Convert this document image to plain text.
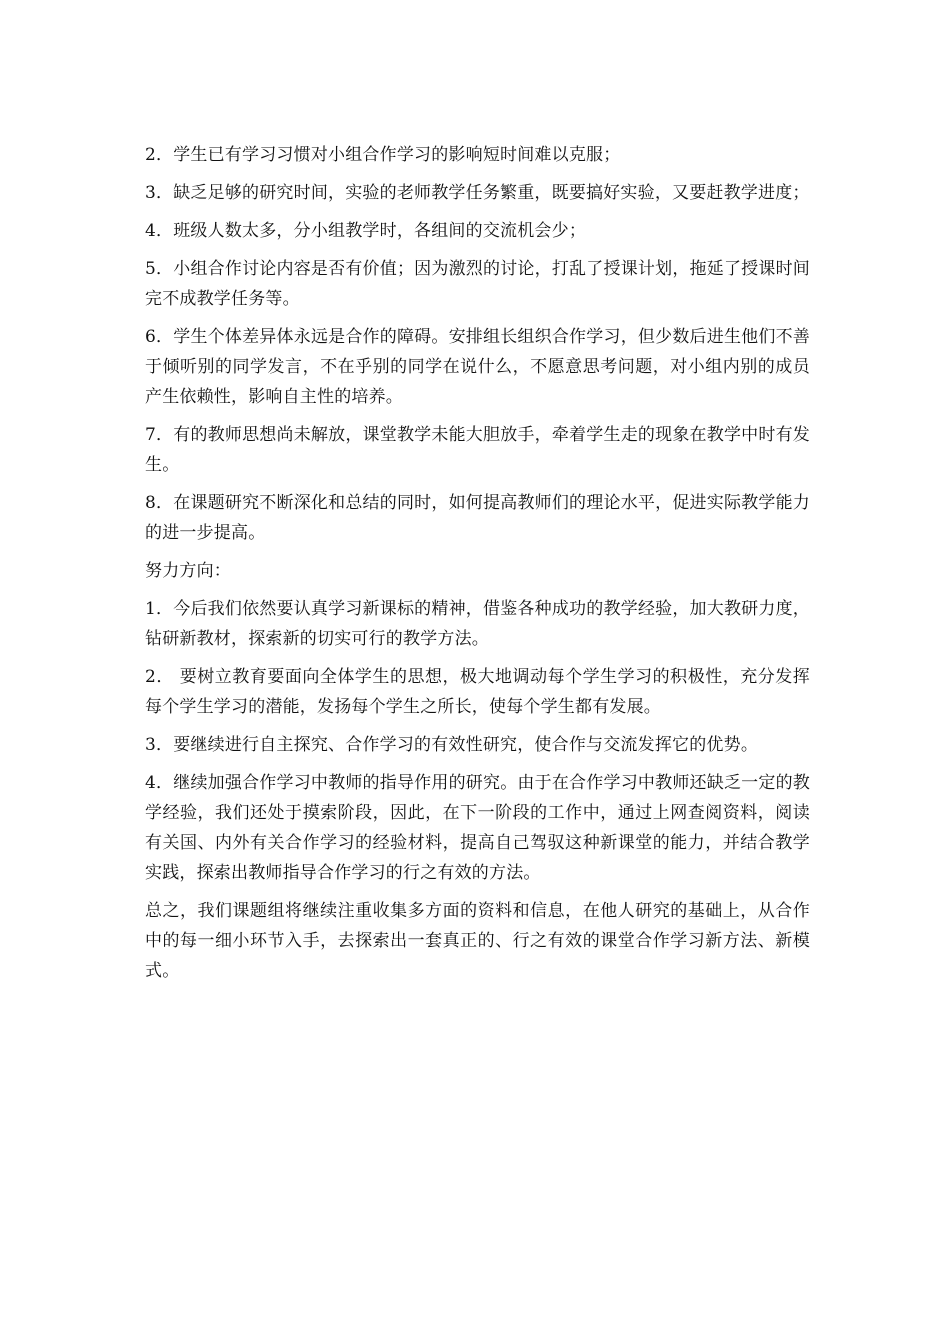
2．学生已有学习习惯对小组合作学习的影响短时间难以克服；

3．缺乏足够的研究时间，实验的老师教学任务繁重，既要搞好实验，又要赶教学进度；

4．班级人数太多，分小组教学时，各组间的交流机会少；

5．小组合作讨论内容是否有价值；因为激烈的讨论，打乱了授课计划，拖延了授课时间完不成教学任务等。

6．学生个体差异体永远是合作的障碍。安排组长组织合作学习，但少数后进生他们不善于倾听别的同学发言，不在乎别的同学在说什么，不愿意思考问题，对小组内别的成员产生依赖性，影响自主性的培养。

7．有的教师思想尚未解放，课堂教学未能大胆放手，牵着学生走的现象在教学中时有发生。

8．在课题研究不断深化和总结的同时，如何提高教师们的理论水平，促进实际教学能力的进一步提高。

努力方向：

1．今后我们依然要认真学习新课标的精神，借鉴各种成功的教学经验，加大教研力度，钻研新教材，探索新的切实可行的教学方法。

2． 要树立教育要面向全体学生的思想，极大地调动每个学生学习的积极性，充分发挥每个学生学习的潜能，发扬每个学生之所长，使每个学生都有发展。

3．要继续进行自主探究、合作学习的有效性研究，使合作与交流发挥它的优势。

4．继续加强合作学习中教师的指导作用的研究。由于在合作学习中教师还缺乏一定的教学经验，我们还处于摸索阶段，因此，在下一阶段的工作中，通过上网查阅资料，阅读有关国、内外有关合作学习的经验材料，提高自己驾驭这种新课堂的能力，并结合教学实践，探索出教师指导合作学习的行之有效的方法。

总之，我们课题组将继续注重收集多方面的资料和信息，在他人研究的基础上，从合作中的每一细小环节入手，去探索出一套真正的、行之有效的课堂合作学习新方法、新模式。
